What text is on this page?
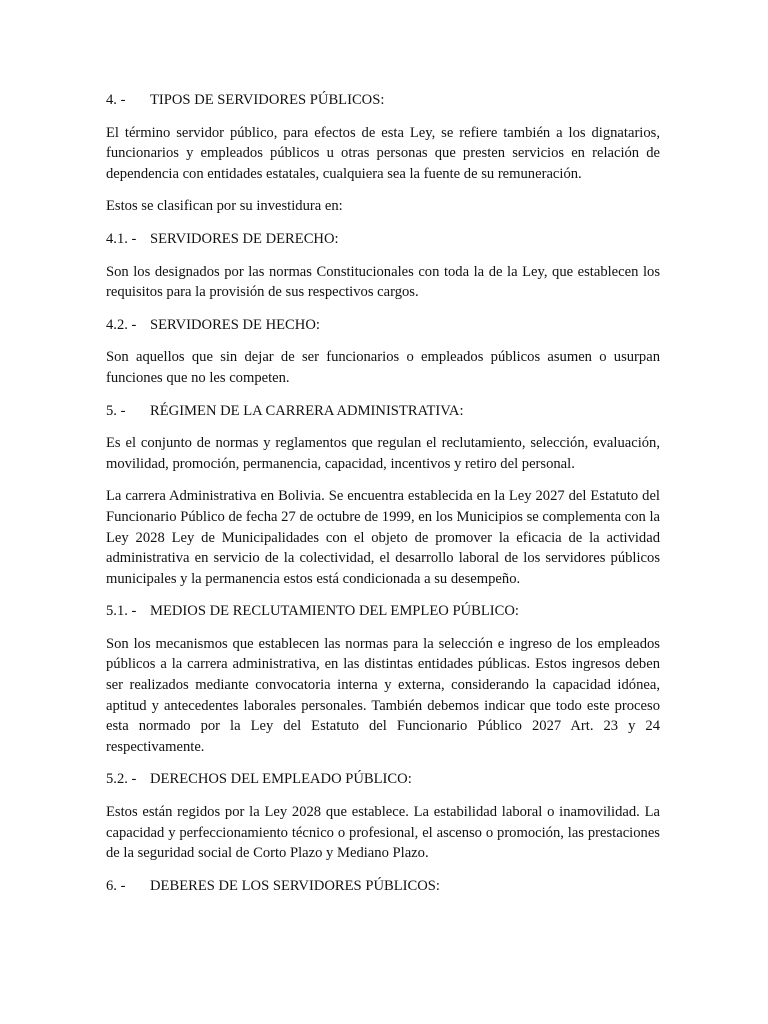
4. -	TIPOS DE SERVIDORES PÚBLICOS:

El término servidor público, para efectos de esta Ley, se refiere también a los dignatarios, funcionarios y empleados públicos u otras personas que presten servicios en relación de dependencia con entidades estatales, cualquiera sea la fuente de su remuneración.

Estos se clasifican por su investidura en:

4.1. - SERVIDORES DE DERECHO:

Son los designados por las normas Constitucionales con toda la de la Ley, que establecen los requisitos para la provisión de sus respectivos cargos.

4.2. - SERVIDORES DE HECHO:

Son aquellos que sin dejar de ser funcionarios o empleados públicos asumen o usurpan funciones que no les competen.

5. -	RÉGIMEN DE LA CARRERA ADMINISTRATIVA:

Es el conjunto de normas y reglamentos que regulan el reclutamiento, selección, evaluación, movilidad, promoción, permanencia, capacidad, incentivos y retiro del personal.

La carrera Administrativa en Bolivia. Se encuentra establecida en la Ley 2027 del Estatuto del Funcionario Público de fecha 27 de octubre de 1999, en los Municipios se complementa con la Ley 2028 Ley de Municipalidades con el objeto de promover la eficacia de la actividad administrativa en servicio de la colectividad, el desarrollo laboral de los servidores públicos municipales y la permanencia estos está condicionada a su desempeño.

5.1. - MEDIOS DE RECLUTAMIENTO DEL EMPLEO PÚBLICO:

Son los mecanismos que establecen las normas para la selección e ingreso de los empleados públicos a la carrera administrativa, en las distintas entidades públicas. Estos ingresos deben ser realizados mediante convocatoria interna y externa, considerando la capacidad idónea, aptitud y antecedentes laborales personales. También debemos indicar que todo este proceso esta normado por la Ley del Estatuto del Funcionario Público 2027 Art. 23 y 24 respectivamente.

5.2. - DERECHOS DEL EMPLEADO PÚBLICO:

Estos están regidos por la Ley 2028 que establece. La estabilidad laboral o inamovilidad. La capacidad y perfeccionamiento técnico o profesional, el ascenso o promoción, las prestaciones de la seguridad social de Corto Plazo y Mediano Plazo.

6. -	DEBERES DE LOS SERVIDORES PÚBLICOS:
